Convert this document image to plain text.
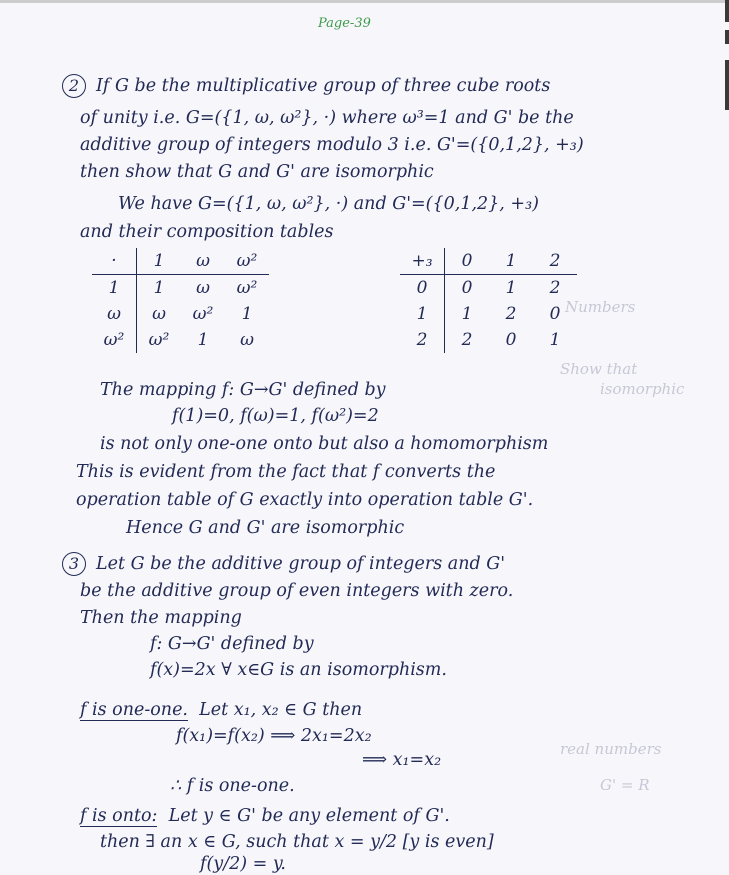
Numbers
Show that
isomorphic
real numbers
G' = R
Page-39
2 If G be the multiplicative group of three cube roots
of unity i.e. G=({1, ω, ω²}, ·) where ω³=1 and G' be the
additive group of integers modulo 3 i.e. G'=({0,1,2}, +₃)
then show that G and G' are isomorphic
We have G=({1, ω, ω²}, ·) and G'=({0,1,2}, +₃)
and their composition tables
·	1	ω	ω²
1	1	ω	ω²
ω	ω	ω²	1
ω²	ω²	1	ω
+₃	0	1	2
0	0	1	2
1	1	2	0
2	2	0	1
The mapping f: G→G' defined by
f(1)=0, f(ω)=1, f(ω²)=2
is not only one-one onto but also a homomorphism
This is evident from the fact that f converts the
operation table of G exactly into operation table G'.
Hence G and G' are isomorphic
3 Let G be the additive group of integers and G'
be the additive group of even integers with zero.
Then the mapping
f: G→G' defined by
f(x)=2x ∀ x∈G is an isomorphism.
f is one-one. Let x₁, x₂ ∈ G then
f(x₁)=f(x₂) ⟹ 2x₁=2x₂
⟹ x₁=x₂
∴ f is one-one.
f is onto: Let y ∈ G' be any element of G'.
then ∃ an x ∈ G, such that x = y/2 [y is even]
f(y/2) = y.
